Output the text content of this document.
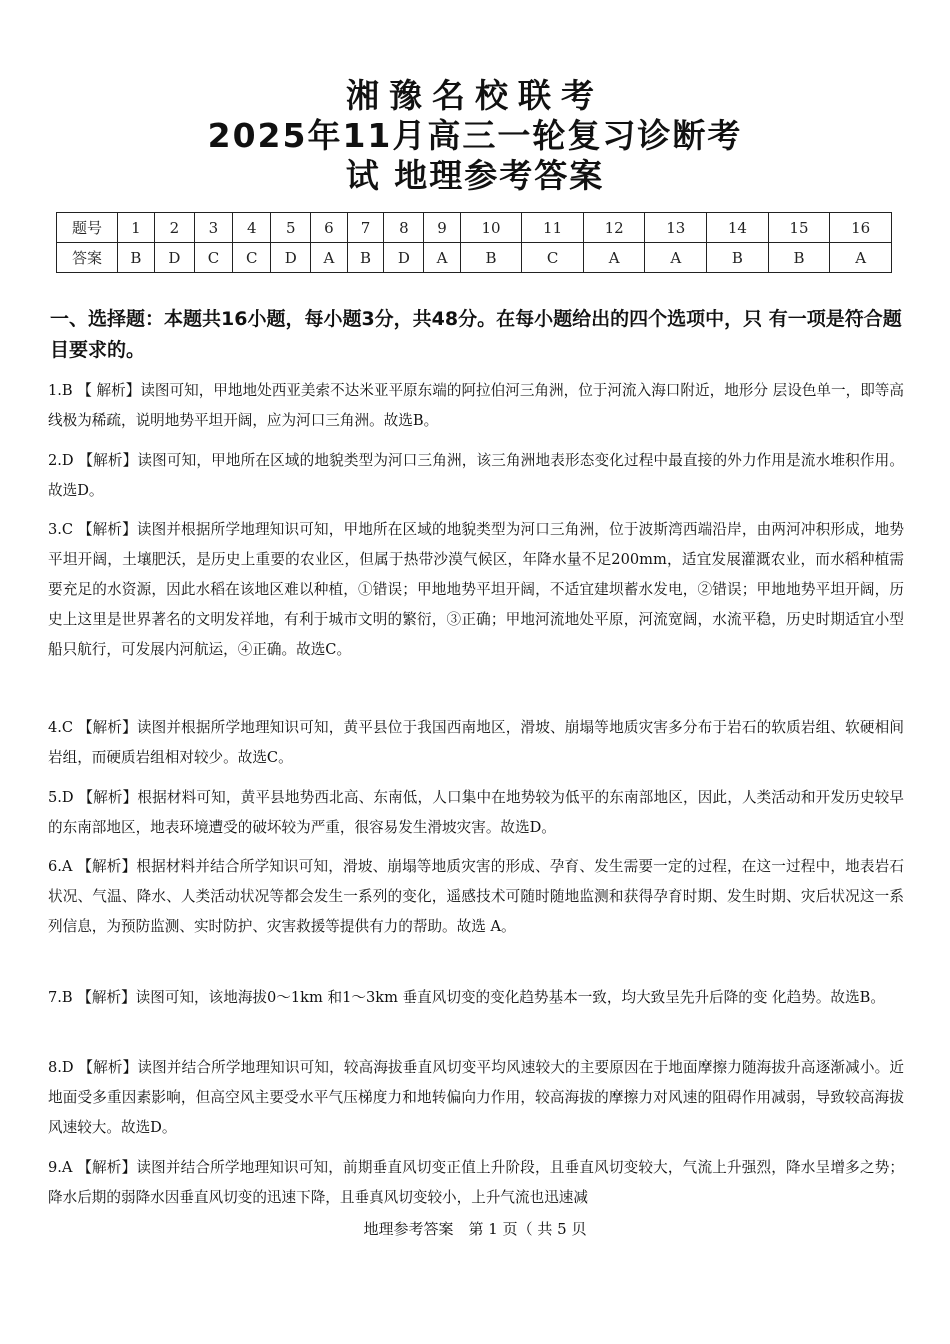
湘豫名校联考
2025年11月高三一轮复习诊断考
试 地理参考答案
题号	1	2	3	4	5	6	7	8	9	10	11	12	13	14	15	16
答案	B	D	C	C	D	A	B	D	A	B	C	A	A	B	B	A
一、选择题：本题共16小题，每小题3分，共48分。在每小题给出的四个选项中，只 有一项是符合题目要求的。
1.B 【 解析】读图可知，甲地地处西亚美索不达米亚平原东端的阿拉伯河三角洲，位于河流入海口附近，地形分 层设色单一，即等高线极为稀疏，说明地势平坦开阔，应为河口三角洲。故选B。
2.D 【解析】读图可知，甲地所在区域的地貌类型为河口三角洲，该三角洲地表形态变化过程中最直接的外力作用是流水堆积作用。故选D。
3.C 【解析】读图并根据所学地理知识可知，甲地所在区域的地貌类型为河口三角洲，位于波斯湾西端沿岸，由两河冲积形成，地势平坦开阔，土壤肥沃，是历史上重要的农业区，但属于热带沙漠气候区，年降水量不足200mm，适宜发展灌溉农业，而水稻种植需要充足的水资源，因此水稻在该地区难以种植，①错误；甲地地势平坦开阔，不适宜建坝蓄水发电，②错误；甲地地势平坦开阔，历史上这里是世界著名的文明发祥地，有利于城市文明的繁衍，③正确；甲地河流地处平原，河流宽阔，水流平稳，历史时期适宜小型船只航行，可发展内河航运，④正确。故选C。
4.C 【解析】读图并根据所学地理知识可知，黄平县位于我国西南地区，滑坡、崩塌等地质灾害多分布于岩石的软质岩组、软硬相间岩组，而硬质岩组相对较少。故选C。
5.D 【解析】根据材料可知，黄平县地势西北高、东南低，人口集中在地势较为低平的东南部地区，因此，人类活动和开发历史较早的东南部地区，地表环境遭受的破坏较为严重，很容易发生滑坡灾害。故选D。
6.A 【解析】根据材料并结合所学知识可知，滑坡、崩塌等地质灾害的形成、孕育、发生需要一定的过程，在这一过程中，地表岩石状况、气温、降水、人类活动状况等都会发生一系列的变化，遥感技术可随时随地监测和获得孕育时期、发生时期、灾后状况这一系列信息，为预防监测、实时防护、灾害救援等提供有力的帮助。故选 A。
7.B 【解析】读图可知，该地海拔0～1km 和1～3km 垂直风切变的变化趋势基本一致，均大致呈先升后降的变 化趋势。故选B。
8.D 【解析】读图并结合所学地理知识可知，较高海拔垂直风切变平均风速较大的主要原因在于地面摩擦力随海拔升高逐渐减小。近地面受多重因素影响，但高空风主要受水平气压梯度力和地转偏向力作用，较高海拔的摩擦力对风速的阻碍作用减弱，导致较高海拔风速较大。故选D。
9.A 【解析】读图并结合所学地理知识可知，前期垂直风切变正值上升阶段，且垂直风切变较大，气流上升强烈，降水呈增多之势；降水后期的弱降水因垂直风切变的迅速下降，且垂真风切变较小，上升气流也迅速减
地理参考答案　第 1 页（ 共 5 贝
